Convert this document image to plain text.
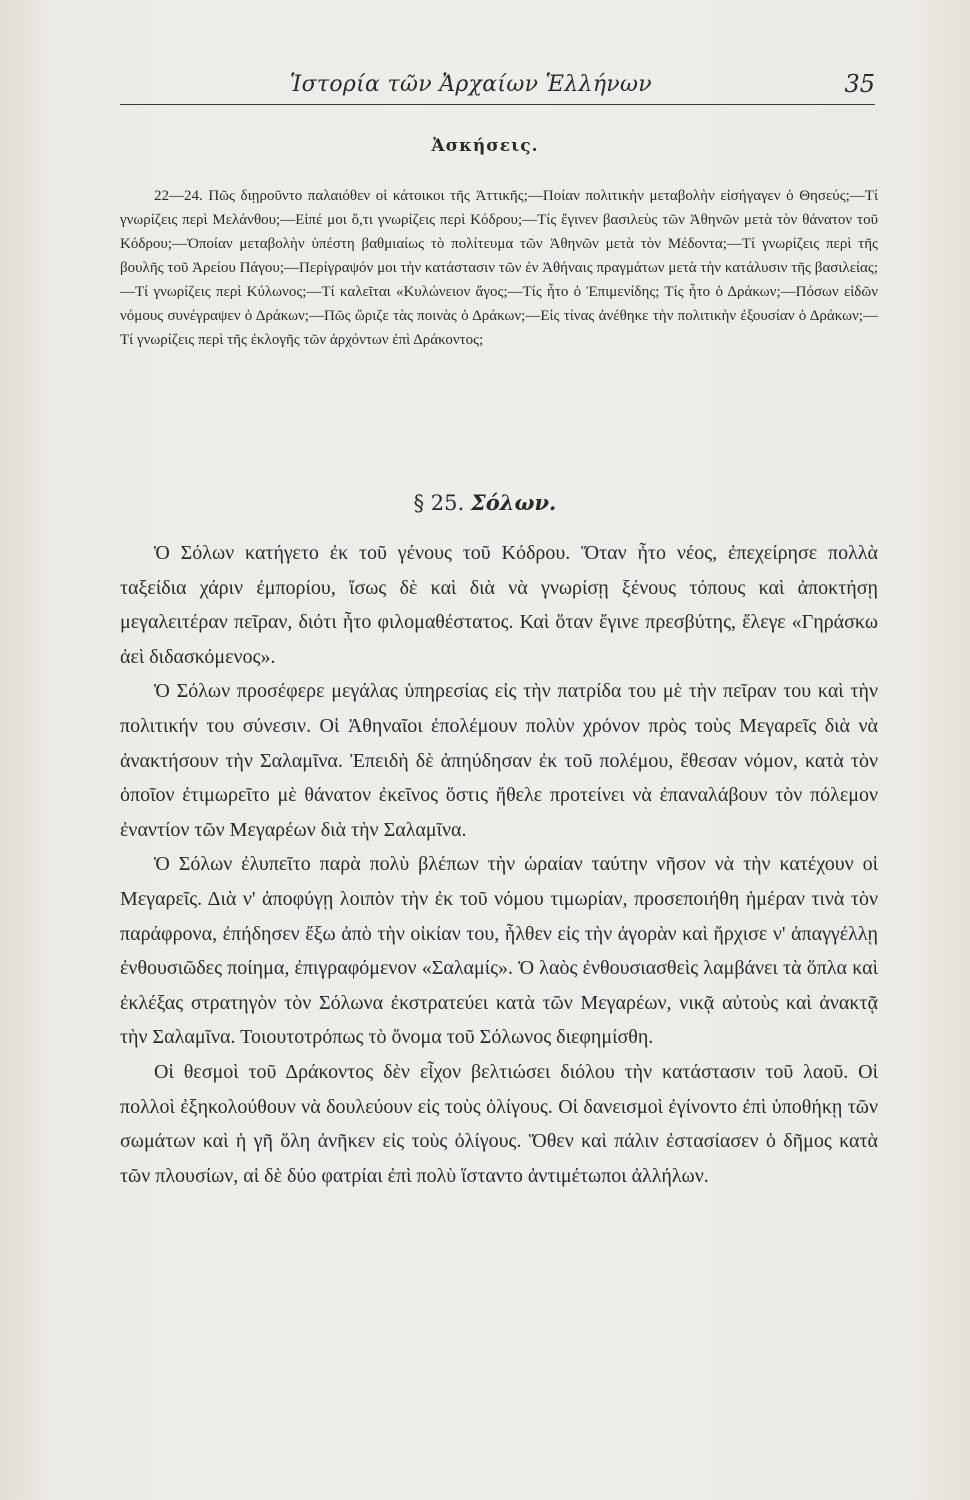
Ἱστορία τῶν Ἀρχαίων Ἑλλήνων	35
Ἀσκήσεις.

22—24. Πῶς διῃροῦντο παλαιόθεν οἱ κάτοικοι τῆς Ἀττικῆς;—Ποίαν πολιτικὴν μεταβολὴν εἰσήγαγεν ὁ Θησεύς;—Τί γνωρίζεις περὶ Μελάνθου;—Εἰπέ μοι ὅ,τι γνωρίζεις περὶ Κόδρου;—Τίς ἔγινεν βασιλεὺς τῶν Ἀθηνῶν μετὰ τὸν θάνατον τοῦ Κόδρου;—Ὁποίαν μεταβολὴν ὑπέστη βαθμιαίως τὸ πολίτευμα τῶν Ἀθηνῶν μετὰ τὸν Μέδοντα;—Τί γνωρίζεις περὶ τῆς βουλῆς τοῦ Ἀρείου Πάγου;—Περίγραψόν μοι τὴν κατάστασιν τῶν ἐν Ἀθήναις πραγμάτων μετὰ τὴν κατάλυσιν τῆς βασιλείας;—Τί γνωρίζεις περὶ Κύλωνος;—Τί καλεῖται «Κυλώνειον ἄγος;—Τίς ἦτο ὁ Ἐπιμενίδης; Τίς ἦτο ὁ Δράκων;—Πόσων εἰδῶν νόμους συνέγραψεν ὁ Δράκων;—Πῶς ὥριζε τὰς ποινὰς ὁ Δράκων;—Εἰς τίνας ἀνέθηκε τὴν πολιτικὴν ἐξουσίαν ὁ Δράκων;—Τί γνωρίζεις περὶ τῆς ἐκλογῆς τῶν ἀρχόντων ἐπὶ Δράκοντος;

§ 25. Σόλων.

Ὁ Σόλων κατήγετο ἐκ τοῦ γένους τοῦ Κόδρου. Ὅταν ἦτο νέος, ἐπεχείρησε πολλὰ ταξείδια χάριν ἐμπορίου, ἴσως δὲ καὶ διὰ νὰ γνωρίσῃ ξένους τόπους καὶ ἀποκτήσῃ μεγαλειτέραν πεῖραν, διότι ἦτο φιλομαθέστατος. Καὶ ὅταν ἔγινε πρεσβύτης, ἔλεγε «Γηράσκω ἀεὶ διδασκόμενος».

Ὁ Σόλων προσέφερε μεγάλας ὑπηρεσίας εἰς τὴν πατρίδα του μὲ τὴν πεῖραν του καὶ τὴν πολιτικήν του σύνεσιν. Οἱ Ἀθηναῖοι ἐπολέμουν πολὺν χρόνον πρὸς τοὺς Μεγαρεῖς διὰ νὰ ἀνακτήσουν τὴν Σαλαμῖνα. Ἐπειδὴ δὲ ἀπηύδησαν ἐκ τοῦ πολέμου, ἔθεσαν νόμον, κατὰ τὸν ὁποῖον ἐτιμωρεῖτο μὲ θάνατον ἐκεῖνος ὅστις ἤθελε προτείνει νὰ ἐπαναλάβουν τὸν πόλεμον ἐναντίον τῶν Μεγαρέων διὰ τὴν Σαλαμῖνα.

Ὁ Σόλων ἐλυπεῖτο παρὰ πολὺ βλέπων τὴν ὡραίαν ταύτην νῆσον νὰ τὴν κατέχουν οἱ Μεγαρεῖς. Διὰ ν' ἀποφύγῃ λοιπὸν τὴν ἐκ τοῦ νόμου τιμωρίαν, προσεποιήθη ἡμέραν τινὰ τὸν παράφρονα, ἐπήδησεν ἔξω ἀπὸ τὴν οἰκίαν του, ἦλθεν εἰς τὴν ἀγορὰν καὶ ἤρχισε ν' ἀπαγγέλλῃ ἐνθουσιῶδες ποίημα, ἐπιγραφόμενον «Σαλαμίς». Ὁ λαὸς ἐνθουσιασθεὶς λαμβάνει τὰ ὅπλα καὶ ἐκλέξας στρατηγὸν τὸν Σόλωνα ἐκστρατεύει κατὰ τῶν Μεγαρέων, νικᾷ αὐτοὺς καὶ ἀνακτᾷ τὴν Σαλαμῖνα. Τοιουτοτρόπως τὸ ὄνομα τοῦ Σόλωνος διεφημίσθη.

Οἱ θεσμοὶ τοῦ Δράκοντος δὲν εἶχον βελτιώσει διόλου τὴν κατάστασιν τοῦ λαοῦ. Οἱ πολλοὶ ἐξηκολούθουν νὰ δουλεύουν εἰς τοὺς ὀλίγους. Οἱ δανεισμοὶ ἐγίνοντο ἐπὶ ὑποθήκῃ τῶν σωμάτων καὶ ἡ γῆ ὅλη ἀνῆκεν εἰς τοὺς ὀλίγους. Ὅθεν καὶ πάλιν ἐστασίασεν ὁ δῆμος κατὰ τῶν πλουσίων, αἱ δὲ δύο φατρίαι ἐπὶ πολὺ ἵσταντο ἀντιμέτωποι ἀλλήλων.
